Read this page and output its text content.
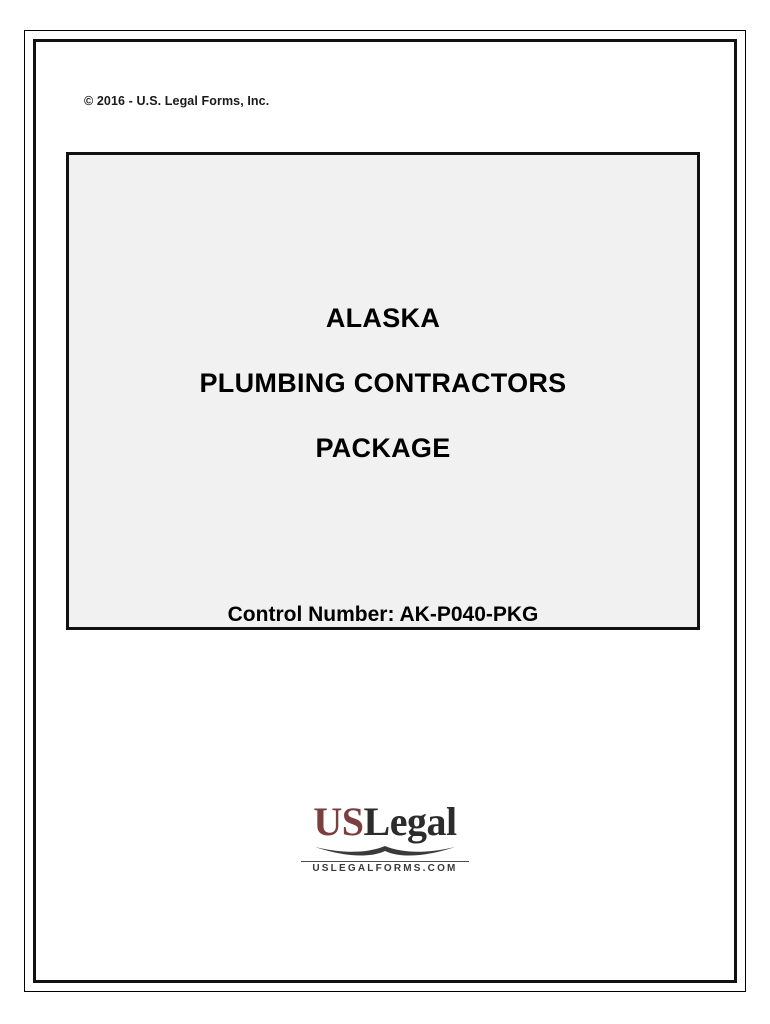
© 2016 - U.S. Legal Forms, Inc.
ALASKA
PLUMBING CONTRACTORS
PACKAGE
Control Number: AK-P040-PKG
USLegal
USLEGALFORMS.COM
